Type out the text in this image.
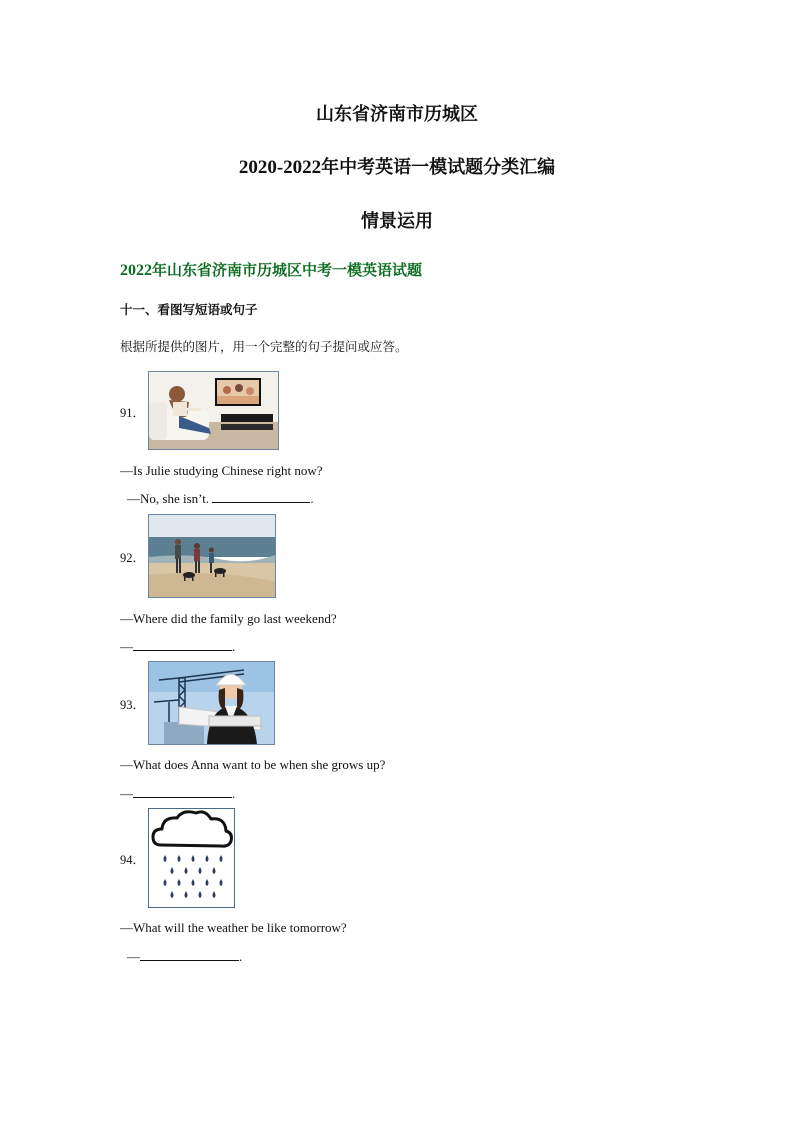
山东省济南市历城区
2020-2022年中考英语一模试题分类汇编
情景运用
2022年山东省济南市历城区中考一模英语试题
十一、看图写短语或句子
根据所提供的图片，用一个完整的句子提问或应答。
91．
—Is Julie studying Chinese right now?
—No, she isn’t.	.
92．
—Where did the family go last weekend?
—	.
93．
—What does Anna want to be when she grows up?
—	.
94．
—What will the weather be like tomorrow?
—	.
